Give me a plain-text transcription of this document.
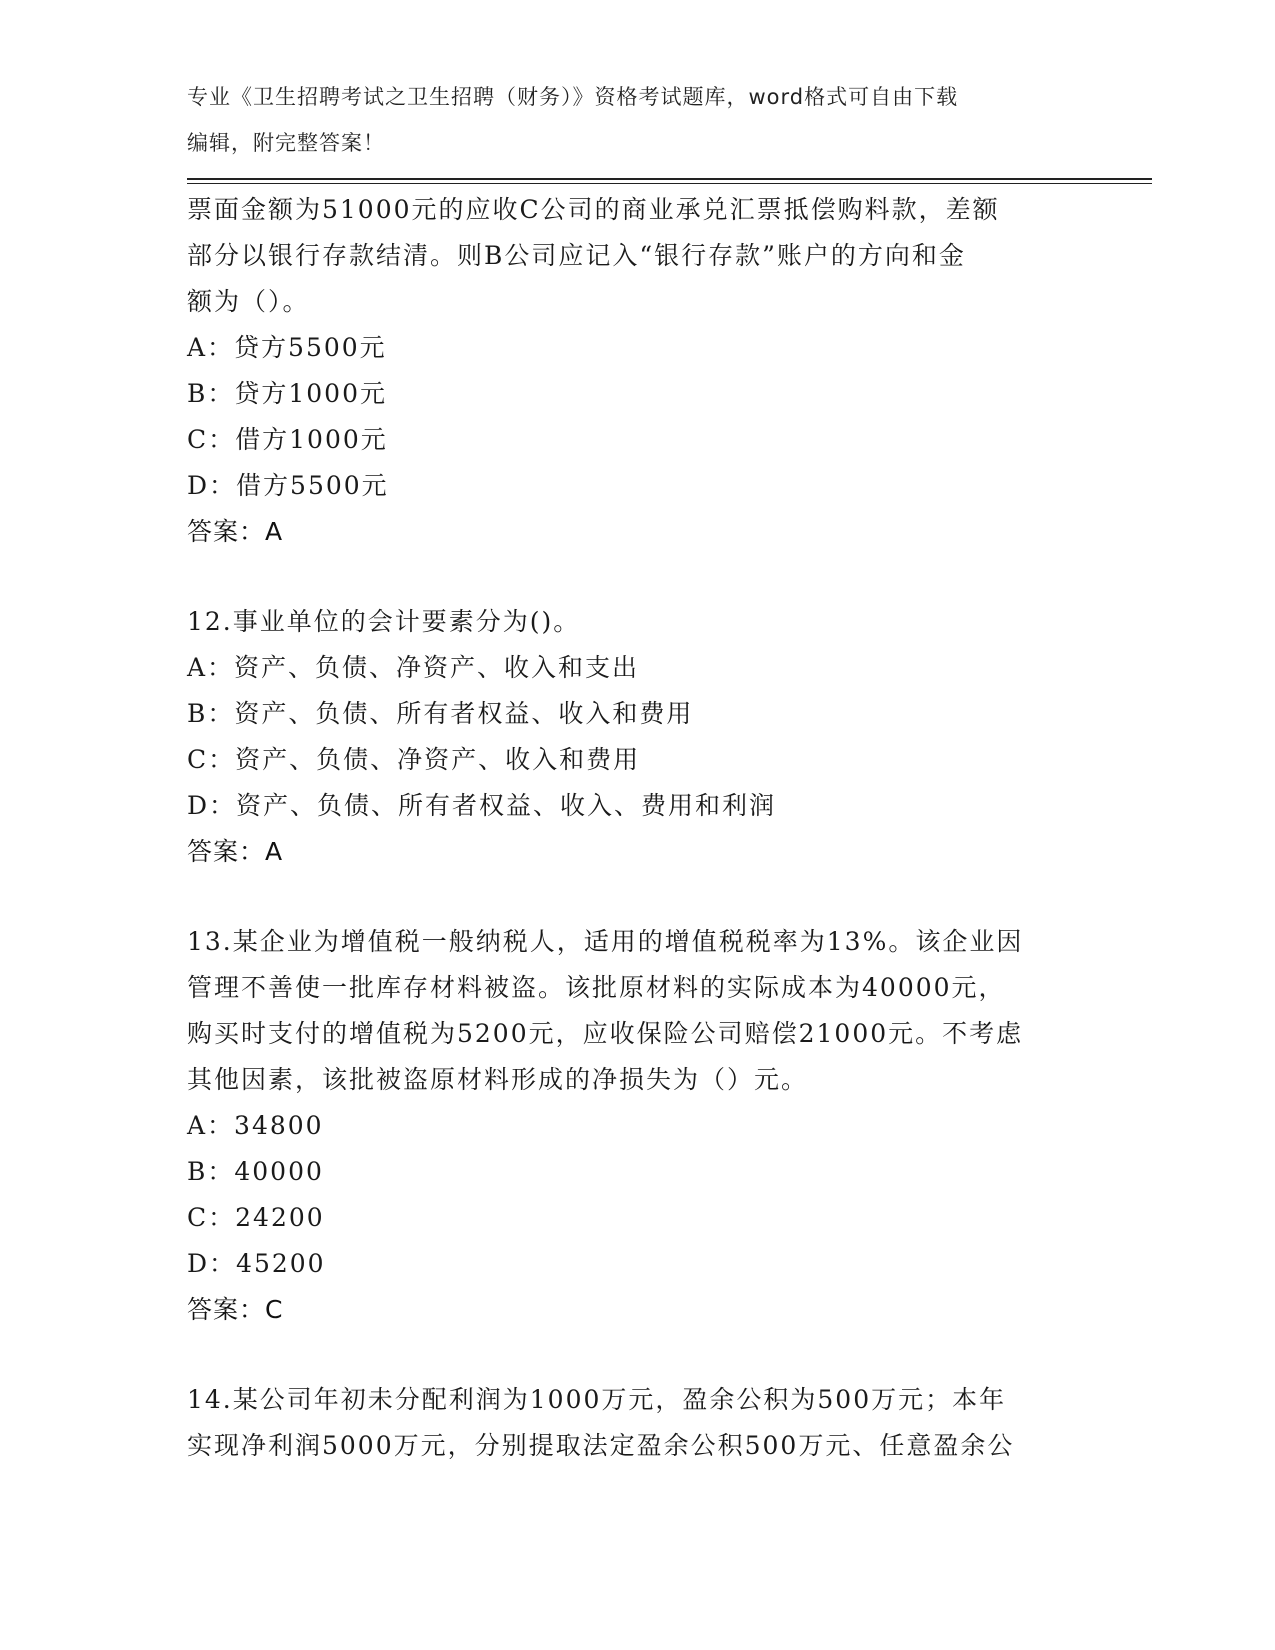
专业《卫生招聘考试之卫生招聘（财务）》资格考试题库，word格式可自由下载
编辑，附完整答案！
票面金额为51000元的应收C公司的商业承兑汇票抵偿购料款，差额
部分以银行存款结清。则B公司应记入“银行存款”账户的方向和金
额为（）。
A：贷方5500元
B：贷方1000元
C：借方1000元
D：借方5500元
答案：A
12.事业单位的会计要素分为()。
A：资产、负债、净资产、收入和支出
B：资产、负债、所有者权益、收入和费用
C：资产、负债、净资产、收入和费用
D：资产、负债、所有者权益、收入、费用和利润
答案：A
13.某企业为增值税一般纳税人，适用的增值税税率为13%。该企业因
管理不善使一批库存材料被盗。该批原材料的实际成本为40000元，
购买时支付的增值税为5200元，应收保险公司赔偿21000元。不考虑
其他因素，该批被盗原材料形成的净损失为（）元。
A：34800
B：40000
C：24200
D：45200
答案：C
14.某公司年初未分配利润为1000万元，盈余公积为500万元；本年
实现净利润5000万元，分别提取法定盈余公积500万元、任意盈余公
